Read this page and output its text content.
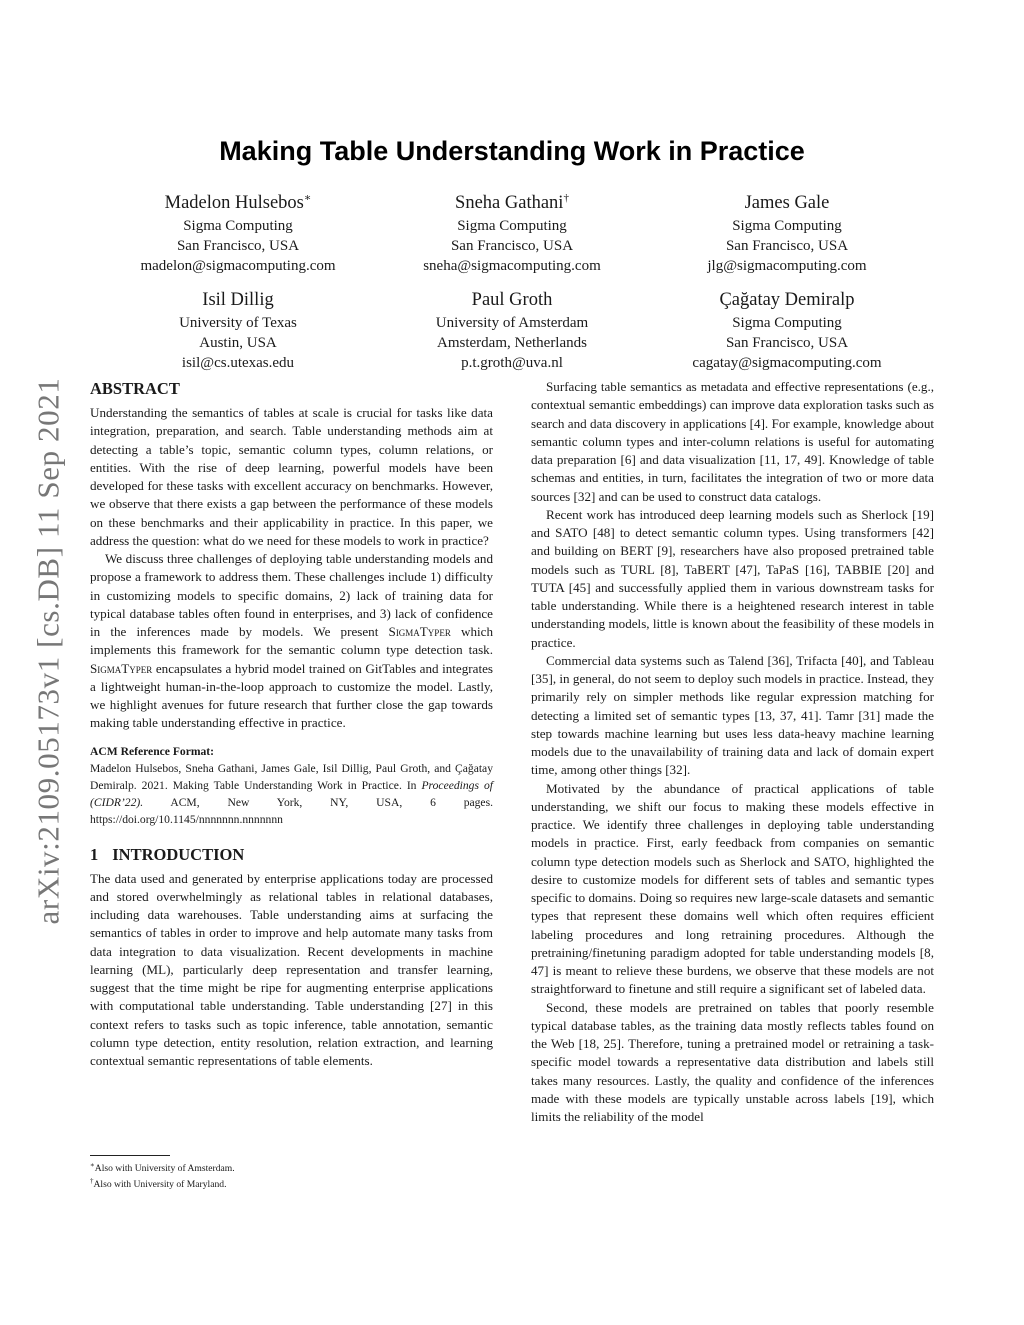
arXiv:2109.05173v1 [cs.DB] 11 Sep 2021
Making Table Understanding Work in Practice
Madelon Hulsebos∗
Sigma Computing
San Francisco, USA
madelon@sigmacomputing.com
Sneha Gathani†
Sigma Computing
San Francisco, USA
sneha@sigmacomputing.com
James Gale
Sigma Computing
San Francisco, USA
jlg@sigmacomputing.com
Isil Dillig
University of Texas
Austin, USA
isil@cs.utexas.edu
Paul Groth
University of Amsterdam
Amsterdam, Netherlands
p.t.groth@uva.nl
Çağatay Demiralp
Sigma Computing
San Francisco, USA
cagatay@sigmacomputing.com
ABSTRACT

Understanding the semantics of tables at scale is crucial for tasks like data integration, preparation, and search. Table understanding methods aim at detecting a table’s topic, semantic column types, column relations, or entities. With the rise of deep learning, powerful models have been developed for these tasks with excellent accuracy on benchmarks. However, we observe that there exists a gap between the performance of these models on these benchmarks and their applicability in practice. In this paper, we address the question: what do we need for these models to work in practice?

We discuss three challenges of deploying table understanding models and propose a framework to address them. These challenges include 1) difficulty in customizing models to specific domains, 2) lack of training data for typical database tables often found in enterprises, and 3) lack of confidence in the inferences made by models. We present SigmaTyper which implements this framework for the semantic column type detection task. SigmaTyper encapsulates a hybrid model trained on GitTables and integrates a lightweight human-in-the-loop approach to customize the model. Lastly, we highlight avenues for future research that further close the gap towards making table understanding effective in practice.

ACM Reference Format:
Madelon Hulsebos, Sneha Gathani, James Gale, Isil Dillig, Paul Groth, and Çağatay Demiralp. 2021. Making Table Understanding Work in Practice. In Proceedings of (CIDR’22). ACM, New York, NY, USA, 6 pages. https://doi.org/10.1145/nnnnnnn.nnnnnnn
1 INTRODUCTION

The data used and generated by enterprise applications today are processed and stored overwhelmingly as relational tables in relational databases, including data warehouses. Table understanding aims at surfacing the semantics of tables in order to improve and help automate many tasks from data integration to data visualization. Recent developments in machine learning (ML), particularly deep representation and transfer learning, suggest that the time might be ripe for augmenting enterprise applications with computational table understanding. Table understanding [27] in this context refers to tasks such as topic inference, table annotation, semantic column type detection, entity resolution, relation extraction, and learning contextual semantic representations of table elements.

Surfacing table semantics as metadata and effective representations (e.g., contextual semantic embeddings) can improve data exploration tasks such as search and data discovery in applications [4]. For example, knowledge about semantic column types and inter-column relations is useful for automating data preparation [6] and data visualization [11, 17, 49]. Knowledge of table schemas and entities, in turn, facilitates the integration of two or more data sources [32] and can be used to construct data catalogs.

Recent work has introduced deep learning models such as Sherlock [19] and SATO [48] to detect semantic column types. Using transformers [42] and building on BERT [9], researchers have also proposed pretrained table models such as TURL [8], TaBERT [47], TaPaS [16], TABBIE [20] and TUTA [45] and successfully applied them in various downstream tasks for table understanding. While there is a heightened research interest in table understanding models, little is known about the feasibility of these models in practice.

Commercial data systems such as Talend [36], Trifacta [40], and Tableau [35], in general, do not seem to deploy such models in practice. Instead, they primarily rely on simpler methods like regular expression matching for detecting a limited set of semantic types [13, 37, 41]. Tamr [31] made the step towards machine learning but uses less data-heavy machine learning models due to the unavailability of training data and lack of domain expert time, among other things [32].

Motivated by the abundance of practical applications of table understanding, we shift our focus to making these models effective in practice. We identify three challenges in deploying table understanding models in practice. First, early feedback from companies on semantic column type detection models such as Sherlock and SATO, highlighted the desire to customize models for different sets of tables and semantic types specific to domains. Doing so requires new large-scale datasets and semantic types that represent these domains well which often requires efficient labeling procedures and long retraining procedures. Although the pretraining/finetuning paradigm adopted for table understanding models [8, 47] is meant to relieve these burdens, we observe that these models are not straightforward to finetune and still require a significant set of labeled data.

Second, these models are pretrained on tables that poorly resemble typical database tables, as the training data mostly reflects tables found on the Web [18, 25]. Therefore, tuning a pretrained model or retraining a task-specific model towards a representative data distribution and labels still takes many resources. Lastly, the quality and confidence of the inferences made with these models are typically unstable across labels [19], which limits the reliability of the model

∗Also with University of Amsterdam.
†Also with University of Maryland.
